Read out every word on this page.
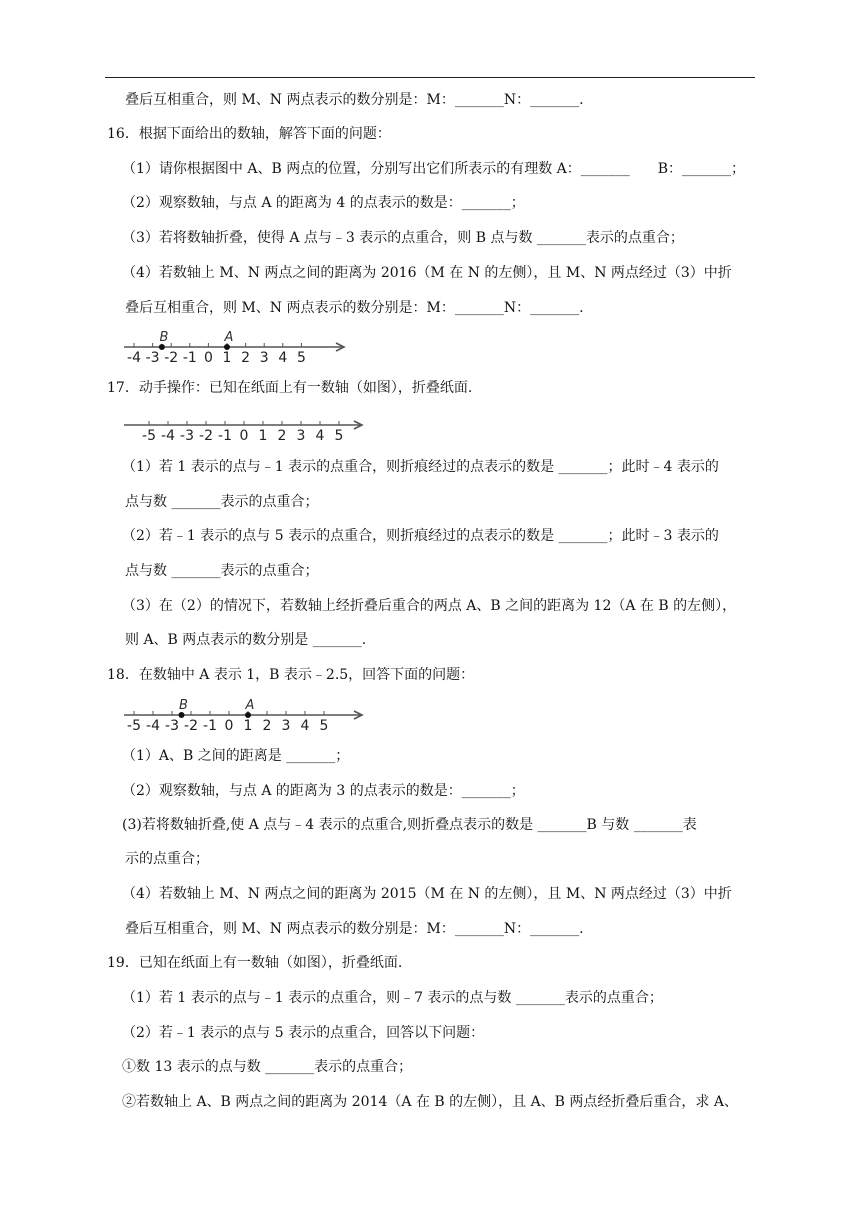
叠后互相重合，则 M、N 两点表示的数分别是：M：_______N：_______.
16．根据下面给出的数轴，解答下面的问题：
（1）请你根据图中 A、B 两点的位置，分别写出它们所表示的有理数 A：_______　　B：_______；
（2）观察数轴，与点 A 的距离为 4 的点表示的数是：_______；
（3）若将数轴折叠，使得 A 点与﹣3 表示的点重合，则 B 点与数 _______表示的点重合；
（4）若数轴上 M、N 两点之间的距离为 2016（M 在 N 的左侧），且 M、N 两点经过（3）中折
叠后互相重合，则 M、N 两点表示的数分别是：M：_______N：_______.
17．动手操作：已知在纸面上有一数轴（如图），折叠纸面.
（1）若 1 表示的点与﹣1 表示的点重合，则折痕经过的点表示的数是 _______；此时﹣4 表示的
点与数 _______表示的点重合；
（2）若﹣1 表示的点与 5 表示的点重合，则折痕经过的点表示的数是 _______；此时﹣3 表示的
点与数 _______表示的点重合；
（3）在（2）的情况下，若数轴上经折叠后重合的两点 A、B 之间的距离为 12（A 在 B 的左侧），
则 A、B 两点表示的数分别是 _______.
18．在数轴中 A 表示 1，B 表示﹣2.5，回答下面的问题：
（1）A、B 之间的距离是 _______；
（2）观察数轴，与点 A 的距离为 3 的点表示的数是：_______；
(3)若将数轴折叠,使 A 点与﹣4 表示的点重合,则折叠点表示的数是 _______B 与数 _______表
示的点重合；
（4）若数轴上 M、N 两点之间的距离为 2015（M 在 N 的左侧），且 M、N 两点经过（3）中折
叠后互相重合，则 M、N 两点表示的数分别是：M：_______N：_______.
19．已知在纸面上有一数轴（如图），折叠纸面.
（1）若 1 表示的点与﹣1 表示的点重合，则﹣7 表示的点与数 _______表示的点重合；
（2）若﹣1 表示的点与 5 表示的点重合，回答以下问题：
①数 13 表示的点与数 _______表示的点重合；
②若数轴上 A、B 两点之间的距离为 2014（A 在 B 的左侧），且 A、B 两点经折叠后重合，求 A、
-4 -3 -2 -1 0 1 2 3 4 5
B	A
-5 -4 -3 -2 -1 0 1 2 3 4 5
-5 -4 -3 -2 -1 0 1 2 3 4 5
B	A
